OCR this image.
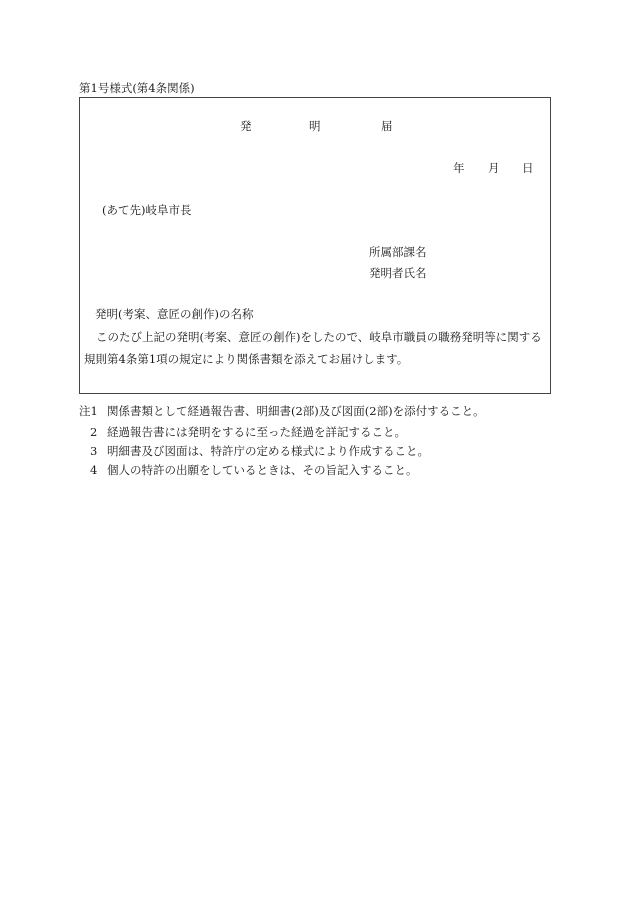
第1号様式(第4条関係)
発	明	届
年 月 日
(あて先)岐阜市長
所属部課名
発明者氏名
発明(考案、意匠の創作)の名称
このたび上記の発明(考案、意匠の創作)をしたので、岐阜市職員の職務発明等に関する
規則第4条第1項の規定により関係書類を添えてお届けします。
注1 関係書類として経過報告書、明細書(2部)及び図面(2部)を添付すること。
2 経過報告書には発明をするに至った経過を詳記すること。
3 明細書及び図面は、特許庁の定める様式により作成すること。
4 個人の特許の出願をしているときは、その旨記入すること。
